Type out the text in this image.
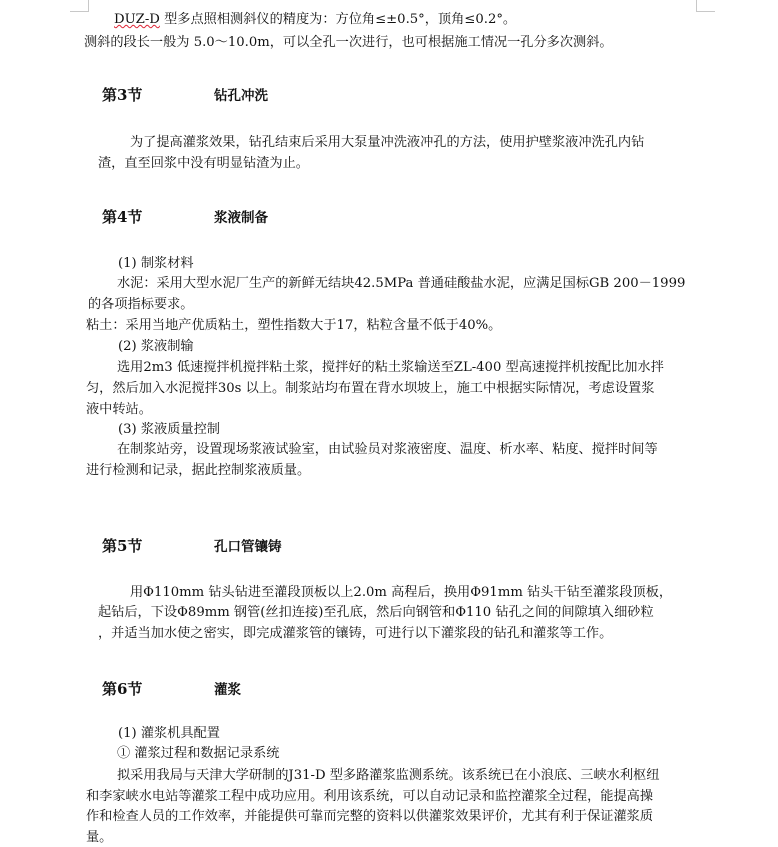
DUZ-D 型多点照相测斜仪的精度为：方位角≤±0.5°，顶角≤0.2°。
测斜的段长一般为 5.0～10.0m，可以全孔一次进行，也可根据施工情况一孔分多次测斜。
第3节	钻孔冲洗
为了提高灌浆效果，钻孔结束后采用大泵量冲洗液冲孔的方法，使用护壁浆液冲洗孔内钻
渣，直至回浆中没有明显钻渣为止。
第4节	浆液制备
(1) 制浆材料
水泥：采用大型水泥厂生产的新鲜无结块42.5MPa 普通硅酸盐水泥，应满足国标GB 200－1999
的各项指标要求。
粘土：采用当地产优质粘土，塑性指数大于17，粘粒含量不低于40%。
(2) 浆液制输
选用2m3 低速搅拌机搅拌粘土浆，搅拌好的粘土浆输送至ZL-400 型高速搅拌机按配比加水拌
匀，然后加入水泥搅拌30s 以上。制浆站均布置在背水坝坡上，施工中根据实际情况，考虑设置浆
液中转站。
(3) 浆液质量控制
在制浆站旁，设置现场浆液试验室，由试验员对浆液密度、温度、析水率、粘度、搅拌时间等
进行检测和记录，据此控制浆液质量。
第5节	孔口管镶铸
用Φ110mm 钻头钻进至灌段顶板以上2.0m 高程后，换用Φ91mm 钻头干钻至灌浆段顶板，
起钻后，下设Φ89mm 钢管(丝扣连接)至孔底，然后向钢管和Φ110 钻孔之间的间隙填入细砂粒
，并适当加水使之密实，即完成灌浆管的镶铸，可进行以下灌浆段的钻孔和灌浆等工作。
第6节	灌浆
(1) 灌浆机具配置
① 灌浆过程和数据记录系统
拟采用我局与天津大学研制的J31-D 型多路灌浆监测系统。该系统已在小浪底、三峡水利枢纽
和李家峡水电站等灌浆工程中成功应用。利用该系统，可以自动记录和监控灌浆全过程，能提高操
作和检查人员的工作效率，并能提供可靠而完整的资料以供灌浆效果评价，尤其有利于保证灌浆质
量。
